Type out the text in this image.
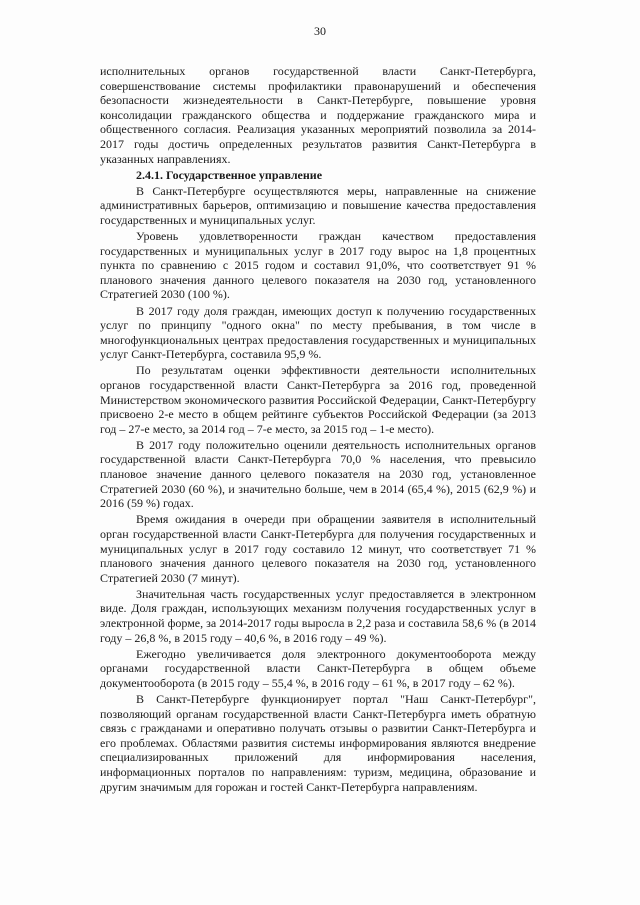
30

исполнительных органов государственной власти Санкт-Петербурга, совершенствование системы профилактики правонарушений и обеспечения безопасности жизнедеятельности в Санкт-Петербурге, повышение уровня консолидации гражданского общества и поддержание гражданского мира и общественного согласия. Реализация указанных мероприятий позволила за 2014-2017 годы достичь определенных результатов развития Санкт-Петербурга в указанных направлениях.

2.4.1. Государственное управление

В Санкт-Петербурге осуществляются меры, направленные на снижение административных барьеров, оптимизацию и повышение качества предоставления государственных и муниципальных услуг.

Уровень удовлетворенности граждан качеством предоставления государственных и муниципальных услуг в 2017 году вырос на 1,8 процентных пункта по сравнению с 2015 годом и составил 91,0%, что соответствует 91 % планового значения данного целевого показателя на 2030 год, установленного Стратегией 2030 (100 %).

В 2017 году доля граждан, имеющих доступ к получению государственных услуг по принципу "одного окна" по месту пребывания, в том числе в многофункциональных центрах предоставления государственных и муниципальных услуг Санкт-Петербурга, составила 95,9 %.

По результатам оценки эффективности деятельности исполнительных органов государственной власти Санкт-Петербурга за 2016 год, проведенной Министерством экономического развития Российской Федерации, Санкт-Петербургу присвоено 2-е место в общем рейтинге субъектов Российской Федерации (за 2013 год – 27-е место, за 2014 год – 7-е место, за 2015 год – 1-е место).

В 2017 году положительно оценили деятельность исполнительных органов государственной власти Санкт-Петербурга 70,0 % населения, что превысило плановое значение данного целевого показателя на 2030 год, установленное Стратегией 2030 (60 %), и значительно больше, чем в 2014 (65,4 %), 2015 (62,9 %) и 2016 (59 %) годах.

Время ожидания в очереди при обращении заявителя в исполнительный орган государственной власти Санкт-Петербурга для получения государственных и муниципальных услуг в 2017 году составило 12 минут, что соответствует 71 % планового значения данного целевого показателя на 2030 год, установленного Стратегией 2030 (7 минут).

Значительная часть государственных услуг предоставляется в электронном виде. Доля граждан, использующих механизм получения государственных услуг в электронной форме, за 2014-2017 годы выросла в 2,2 раза и составила 58,6 % (в 2014 году – 26,8 %, в 2015 году – 40,6 %, в 2016 году – 49 %).

Ежегодно увеличивается доля электронного документооборота между органами государственной власти Санкт-Петербурга в общем объеме документооборота (в 2015 году – 55,4 %, в 2016 году – 61 %, в 2017 году – 62 %).

В Санкт-Петербурге функционирует портал "Наш Санкт-Петербург", позволяющий органам государственной власти Санкт-Петербурга иметь обратную связь с гражданами и оперативно получать отзывы о развитии Санкт-Петербурга и его проблемах. Областями развития системы информирования являются внедрение специализированных приложений для информирования населения, информационных порталов по направлениям: туризм, медицина, образование и другим значимым для горожан и гостей Санкт-Петербурга направлениям.
